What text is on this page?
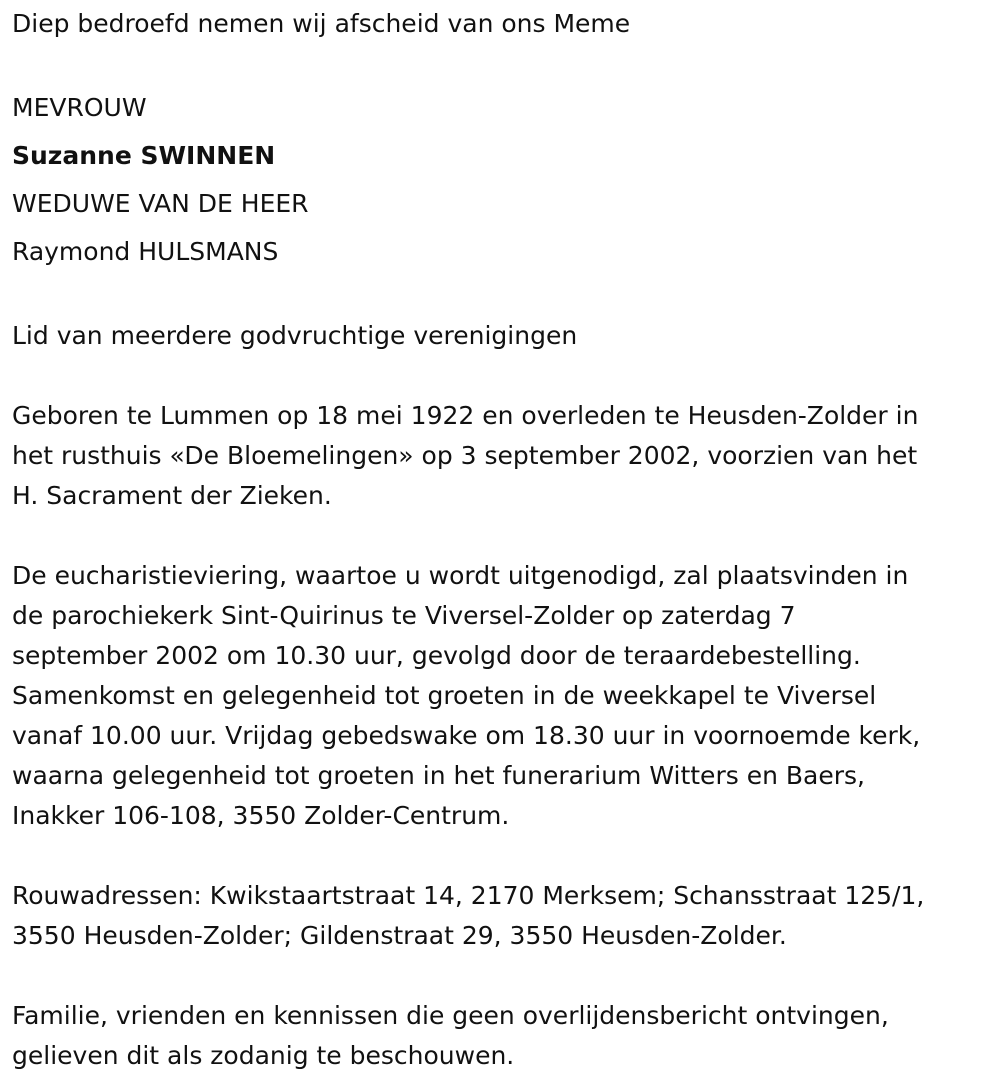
Diep bedroefd nemen wij afscheid van ons Meme

MEVROUW

Suzanne SWINNEN

WEDUWE VAN DE HEER

Raymond HULSMANS

Lid van meerdere godvruchtige verenigingen

Geboren te Lummen op 18 mei 1922 en overleden te Heusden-Zolder in
het rusthuis «De Bloemelingen» op 3 september 2002, voorzien van het
H. Sacrament der Zieken.
De eucharistieviering, waartoe u wordt uitgenodigd, zal plaatsvinden in
de parochiekerk Sint-Quirinus te Viversel-Zolder op zaterdag 7
september 2002 om 10.30 uur, gevolgd door de teraardebestelling.
Samenkomst en gelegenheid tot groeten in de weekkapel te Viversel
vanaf 10.00 uur. Vrijdag gebedswake om 18.30 uur in voornoemde kerk,
waarna gelegenheid tot groeten in het funerarium Witters en Baers,
Inakker 106-108, 3550 Zolder-Centrum.
Rouwadressen: Kwikstaartstraat 14, 2170 Merksem; Schansstraat 125/1,
3550 Heusden-Zolder; Gildenstraat 29, 3550 Heusden-Zolder.
Familie, vrienden en kennissen die geen overlijdensbericht ontvingen,
gelieven dit als zodanig te beschouwen.
